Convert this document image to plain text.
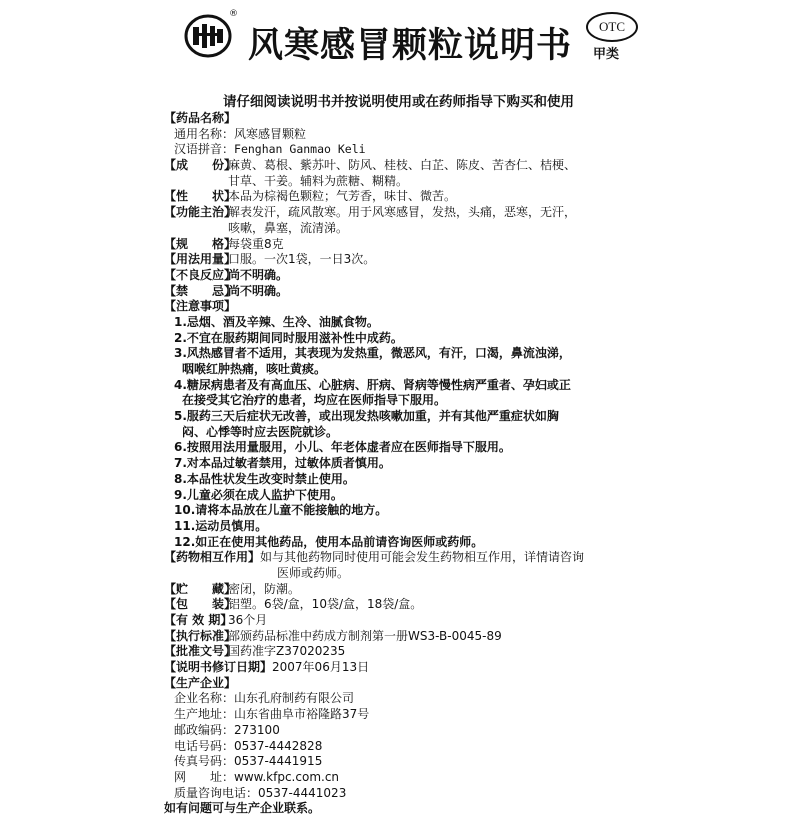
®
风寒感冒颗粒说明书	OTC
甲类
请仔细阅读说明书并按说明使用或在药师指导下购买和使用
【药品名称】
通用名称： 风寒感冒颗粒
汉语拼音： Fenghan Ganmao Keli
【成　　份】
麻黄、葛根、紫苏叶、防风、桂枝、白芷、陈皮、苦杏仁、桔梗、
甘草、干姜。辅料为蔗糖、糊精。
【性　　状】
本品为棕褐色颗粒；气芳香，味甘、微苦。
【功能主治】
解表发汗，疏风散寒。用于风寒感冒，发热，头痛，恶寒，无汗，
咳嗽，鼻塞，流清涕。
【规　　格】
每袋重8克
【用法用量】
口服。一次1袋，一日3次。
【不良反应】
尚不明确。
【禁　　忌】
尚不明确。
【注意事项】
1.忌烟、酒及辛辣、生冷、油腻食物。
2.不宜在服药期间同时服用滋补性中成药。
3.风热感冒者不适用，其表现为发热重，微恶风，有汗，口渴，鼻流浊涕，
咽喉红肿热痛，咳吐黄痰。
4.糖尿病患者及有高血压、心脏病、肝病、肾病等慢性病严重者、孕妇或正
在接受其它治疗的患者，均应在医师指导下服用。
5.服药三天后症状无改善，或出现发热咳嗽加重，并有其他严重症状如胸
闷、心悸等时应去医院就诊。
6.按照用法用量服用，小儿、年老体虚者应在医师指导下服用。
7.对本品过敏者禁用，过敏体质者慎用。
8.本品性状发生改变时禁止使用。
9.儿童必须在成人监护下使用。
10.请将本品放在儿童不能接触的地方。
11.运动员慎用。
12.如正在使用其他药品，使用本品前请咨询医师或药师。
【药物相互作用】 如与其他药物同时使用可能会发生药物相互作用，详情请咨询
医师或药师。
【贮　　藏】
密闭，防潮。
【包　　装】
铝塑。6袋/盒，10袋/盒，18袋/盒。
【有 效 期】
36个月
【执行标准】
部颁药品标准中药成方制剂第一册WS3-B-0045-89
【批准文号】
国药准字Z37020235
【说明书修订日期】 2007年06月13日
【生产企业】
企业名称： 山东孔府制药有限公司
生产地址： 山东省曲阜市裕隆路37号
邮政编码： 273100
电话号码： 0537-4442828
传真号码： 0537-4441915
网　　址： www.kfpc.com.cn
质量咨询电话： 0537-4441023
如有问题可与生产企业联系。
